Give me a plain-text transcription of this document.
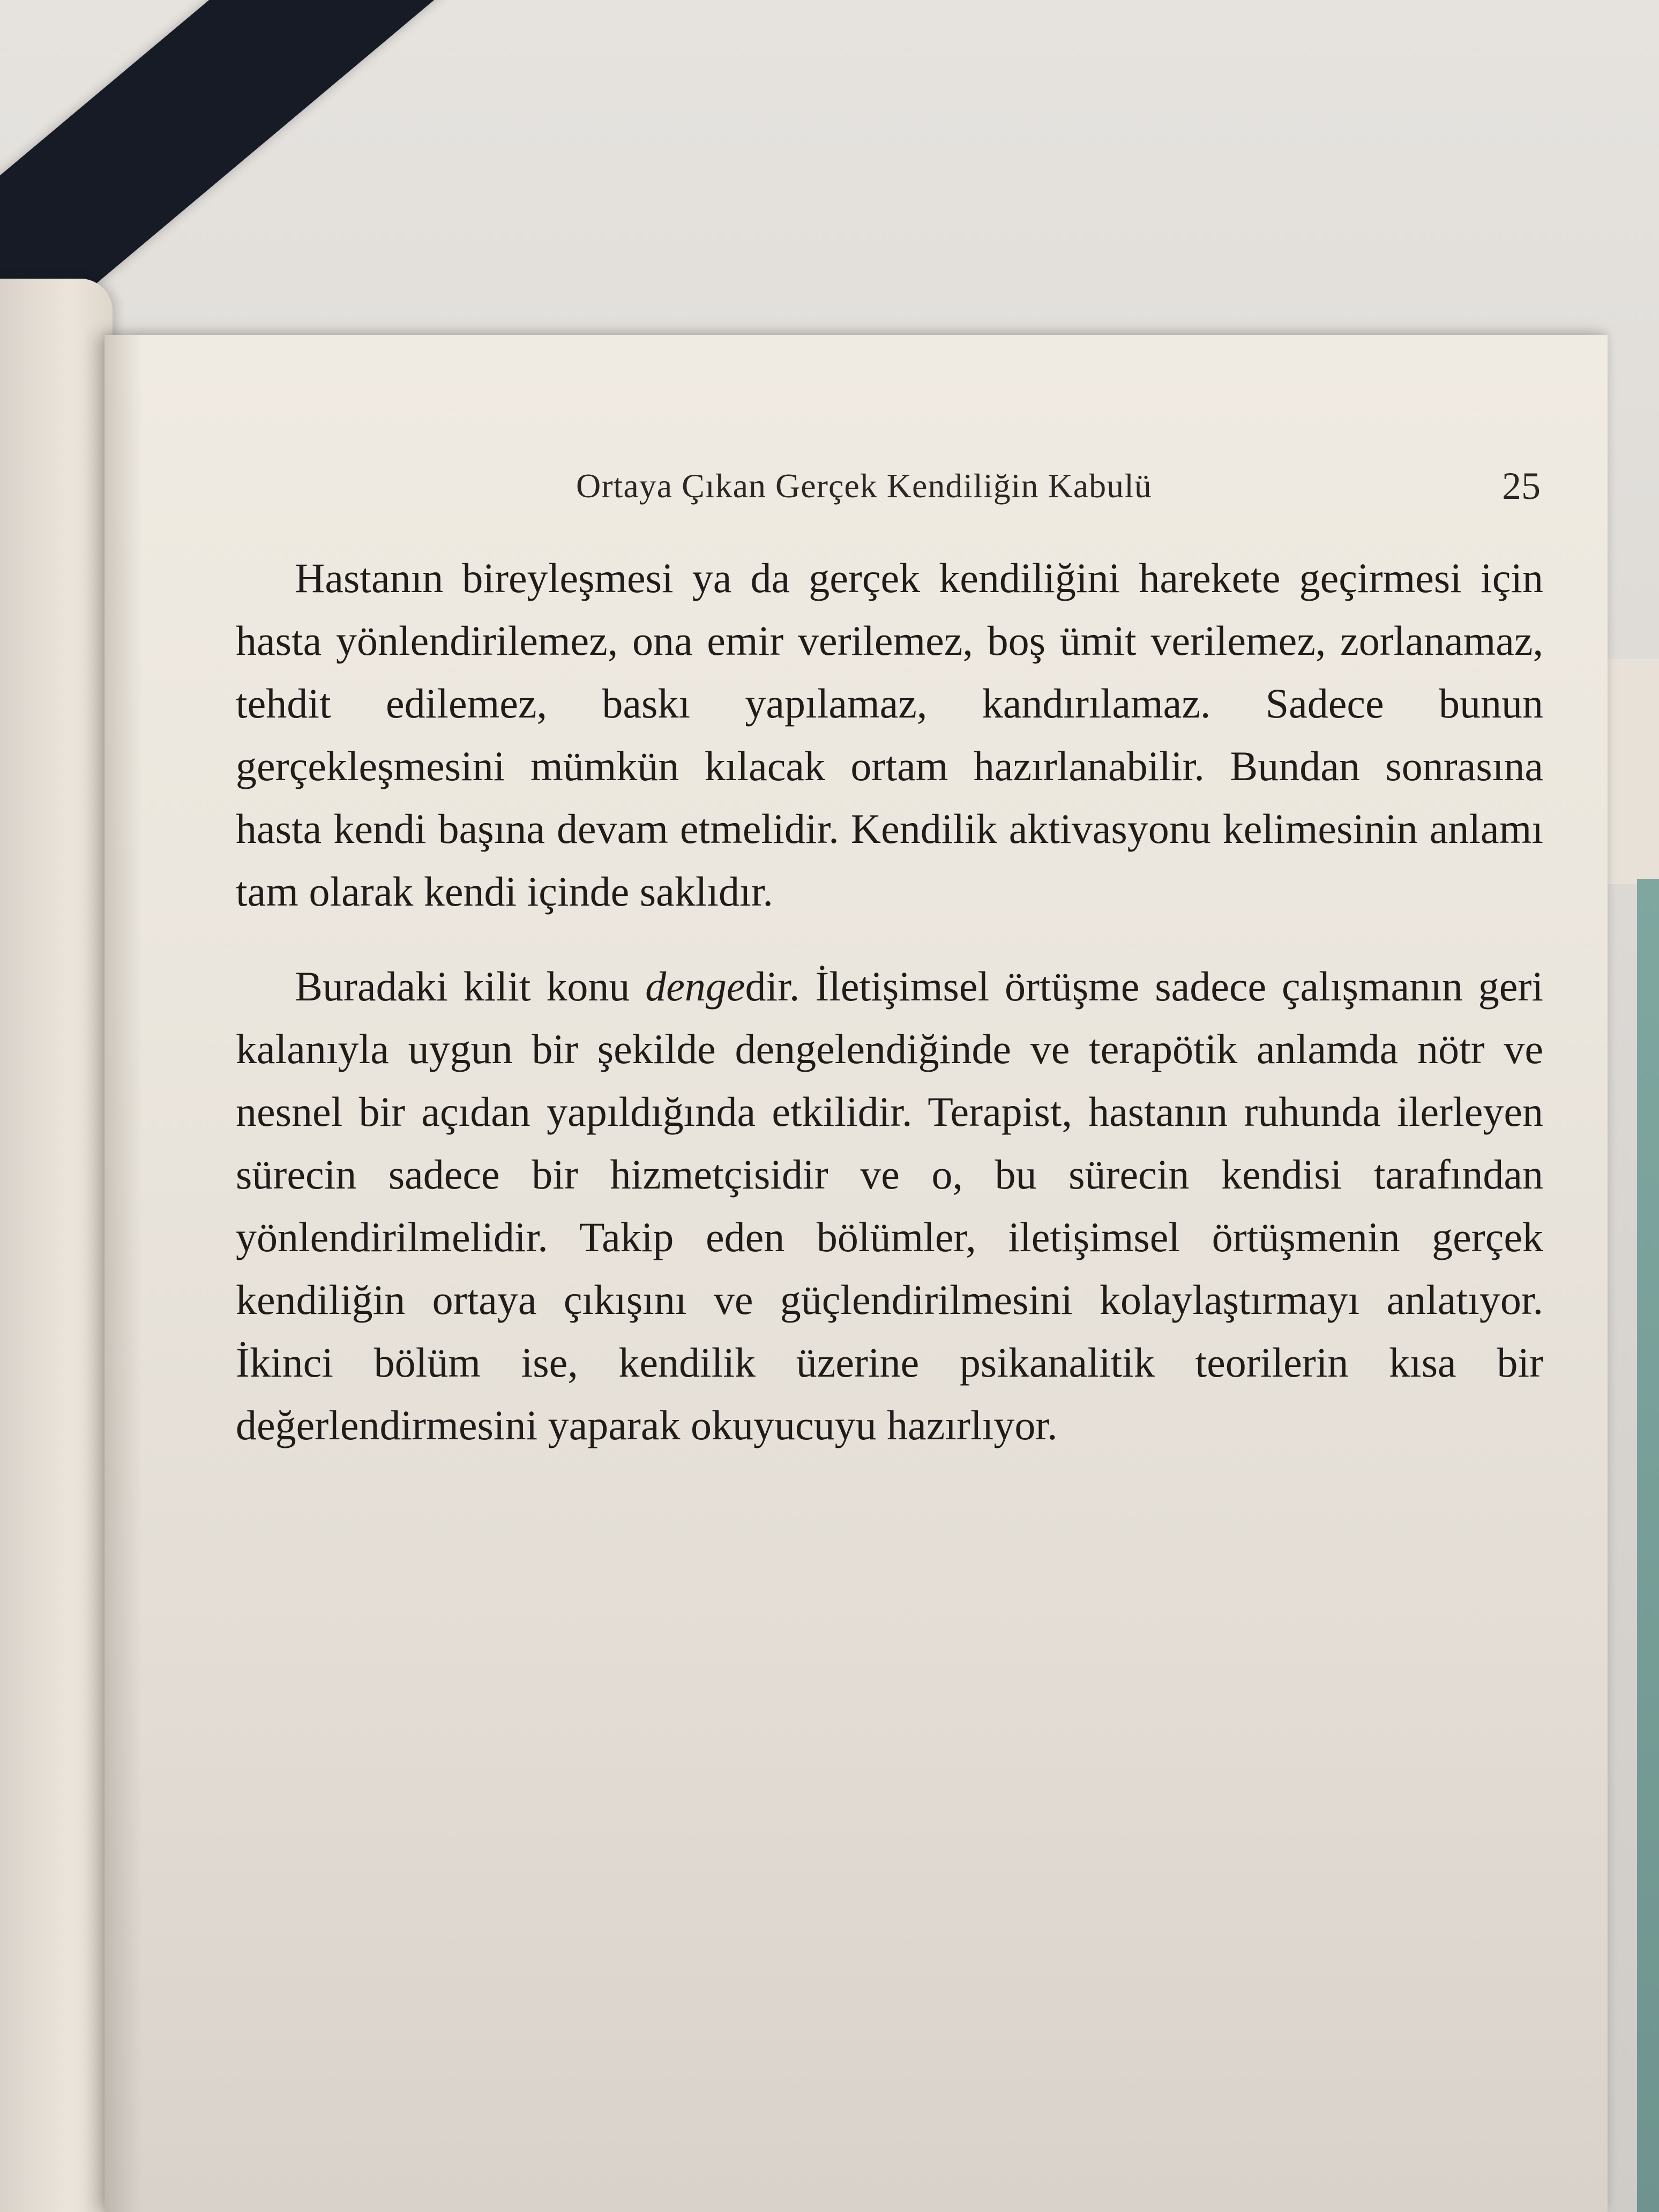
Ortaya Çıkan Gerçek Kendiliğin Kabulü	25

Hastanın bireyleşmesi ya da gerçek kendiliğini harekete geçirmesi için hasta yönlendirilemez, ona emir verilemez, boş ümit verilemez, zorlanamaz, tehdit edilemez, baskı yapılamaz, kandırılamaz. Sadece bunun gerçekleşmesini mümkün kılacak ortam hazırlanabilir. Bundan sonrasına hasta kendi başına devam etmelidir. Kendilik aktivasyonu kelimesinin anlamı tam olarak kendi içinde saklıdır.

Buradaki kilit konu dengedir. İletişimsel örtüşme sadece çalışmanın geri kalanıyla uygun bir şekilde dengelendiğinde ve terapötik anlamda nötr ve nesnel bir açıdan yapıldığında etkilidir. Terapist, hastanın ruhunda ilerleyen sürecin sadece bir hizmetçisidir ve o, bu sürecin kendisi tarafından yönlendirilmelidir. Takip eden bölümler, iletişimsel örtüşmenin gerçek kendiliğin ortaya çıkışını ve güçlendirilmesini kolaylaştırmayı anlatıyor. İkinci bölüm ise, kendilik üzerine psikanalitik teorilerin kısa bir değerlendirmesini yaparak okuyucuyu hazırlıyor.
